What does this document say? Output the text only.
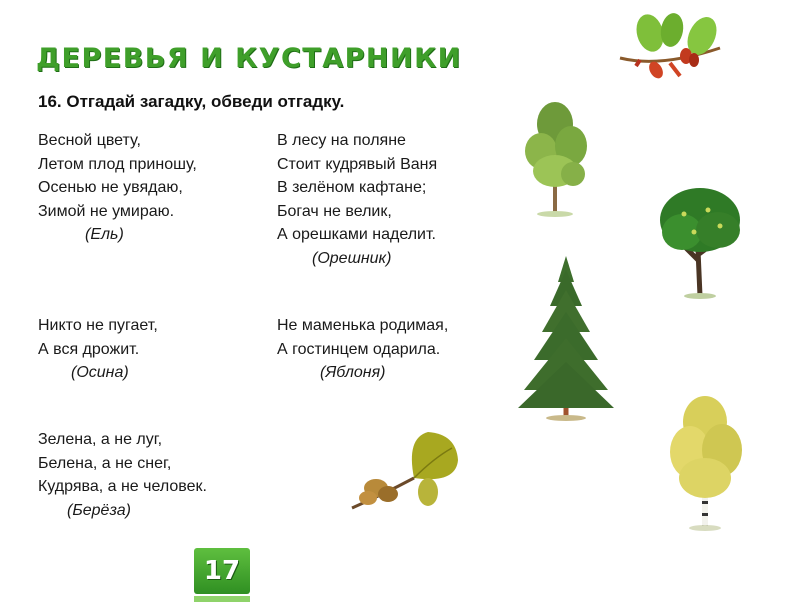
ДЕРЕВЬЯ И КУСТАРНИКИ
16. Отгадай загадку, обведи отгадку.
Весной цвету,
Летом плод приношу,
Осенью не увядаю,
Зимой не умираю.
(Ель)
В лесу на поляне
Стоит кудрявый Ваня
В зелёном кафтане;
Богач не велик,
А орешками наделит.
(Орешник)
Никто не пугает,
А вся дрожит.
(Осина)
Не маменька родимая,
А гостинцем одарила.
(Яблоня)
Зелена, а не луг,
Белена, а не снег,
Кудрява, а не человек.
(Берёза)
17
